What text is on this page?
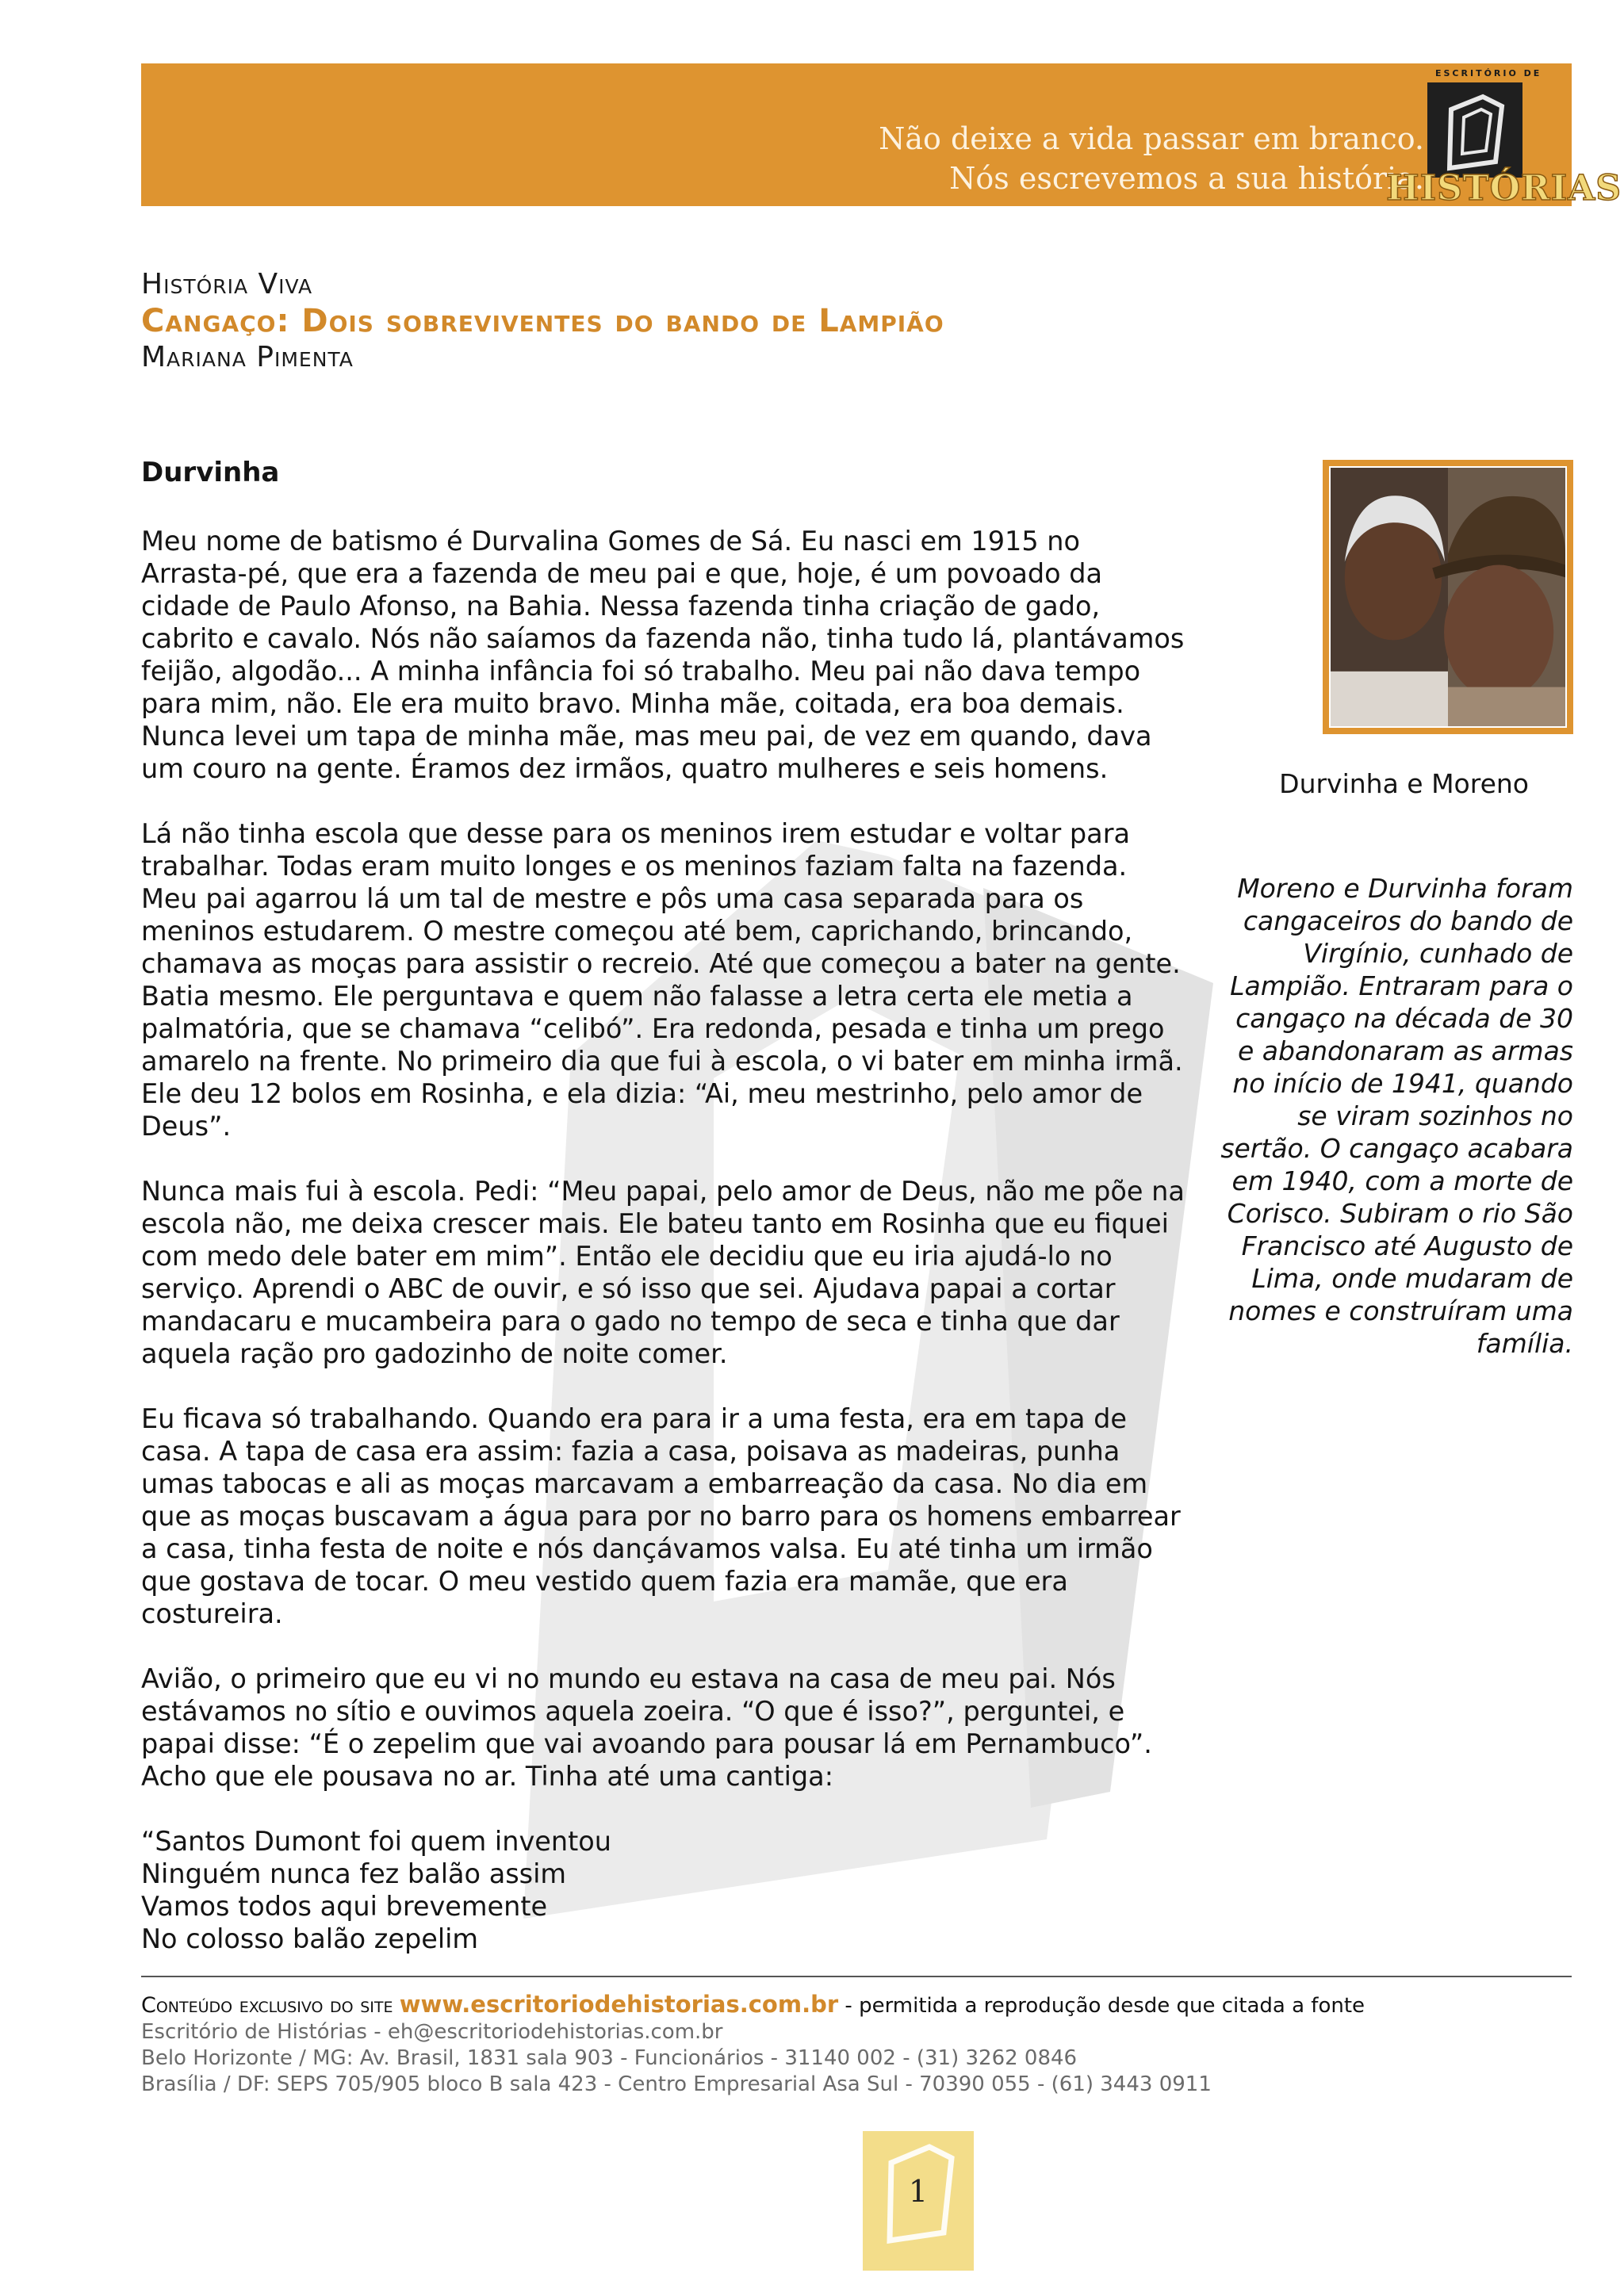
Não deixe a vida passar em branco.
Nós escrevemos a sua história.
ESCRITÓRIO DE
HISTÓRIAS
História Viva
Cangaço: Dois sobreviventes do bando de Lampião
Mariana Pimenta
Durvinha

Meu nome de batismo é Durvalina Gomes de Sá. Eu nasci em 1915 no Arrasta-pé, que era a fazenda de meu pai e que, hoje, é um povoado da cidade de Paulo Afonso, na Bahia. Nessa fazenda tinha criação de gado, cabrito e cavalo. Nós não saíamos da fazenda não, tinha tudo lá, plantávamos feijão, algodão... A minha infância foi só trabalho. Meu pai não dava tempo para mim, não. Ele era muito bravo. Minha mãe, coitada, era boa demais. Nunca levei um tapa de minha mãe, mas meu pai, de vez em quando, dava um couro na gente. Éramos dez irmãos, quatro mulheres e seis homens.

Lá não tinha escola que desse para os meninos irem estudar e voltar para trabalhar. Todas eram muito longes e os meninos faziam falta na fazenda. Meu pai agarrou lá um tal de mestre e pôs uma casa separada para os meninos estudarem. O mestre começou até bem, caprichando, brincando, chamava as moças para assistir o recreio. Até que começou a bater na gente. Batia mesmo. Ele perguntava e quem não falasse a letra certa ele metia a palmatória, que se chamava “celibó”. Era redonda, pesada e tinha um prego amarelo na frente. No primeiro dia que fui à escola, o vi bater em minha irmã. Ele deu 12 bolos em Rosinha, e ela dizia: “Ai, meu mestrinho, pelo amor de Deus”.

Nunca mais fui à escola. Pedi: “Meu papai, pelo amor de Deus, não me põe na escola não, me deixa crescer mais. Ele bateu tanto em Rosinha que eu fiquei com medo dele bater em mim”. Então ele decidiu que eu iria ajudá-lo no serviço. Aprendi o ABC de ouvir, e só isso que sei. Ajudava papai a cortar mandacaru e mucambeira para o gado no tempo de seca e tinha que dar aquela ração pro gadozinho de noite comer.

Eu ficava só trabalhando. Quando era para ir a uma festa, era em tapa de casa. A tapa de casa era assim: fazia a casa, poisava as madeiras, punha umas tabocas e ali as moças marcavam a embarreação da casa. No dia em que as moças buscavam a água para por no barro para os homens embarrear a casa, tinha festa de noite e nós dançávamos valsa. Eu até tinha um irmão que gostava de tocar. O meu vestido quem fazia era mamãe, que era costureira.

Avião, o primeiro que eu vi no mundo eu estava na casa de meu pai. Nós estávamos no sítio e ouvimos aquela zoeira. “O que é isso?”, perguntei, e papai disse: “É o zepelim que vai avoando para pousar lá em Pernambuco”. Acho que ele pousava no ar. Tinha até uma cantiga:

“Santos Dumont foi quem inventou
Ninguém nunca fez balão assim
Vamos todos aqui brevemente
No colosso balão zepelim
Durvinha e Moreno
Moreno e Durvinha foram cangaceiros do bando de Virgínio, cunhado de Lampião. Entraram para o cangaço na década de 30 e abandonaram as armas no início de 1941, quando se viram sozinhos no sertão. O cangaço acabara em 1940, com a morte de Corisco. Subiram o rio São Francisco até Augusto de Lima, onde mudaram de nomes e construíram uma família.
Conteúdo exclusivo do site www.escritoriodehistorias.com.br - permitida a reprodução desde que citada a fonte
Escritório de Histórias - eh@escritoriodehistorias.com.br
Belo Horizonte / MG: Av. Brasil, 1831 sala 903 - Funcionários - 31140 002 - (31) 3262 0846
Brasília / DF: SEPS 705/905 bloco B sala 423 - Centro Empresarial Asa Sul - 70390 055 - (61) 3443 0911
1
